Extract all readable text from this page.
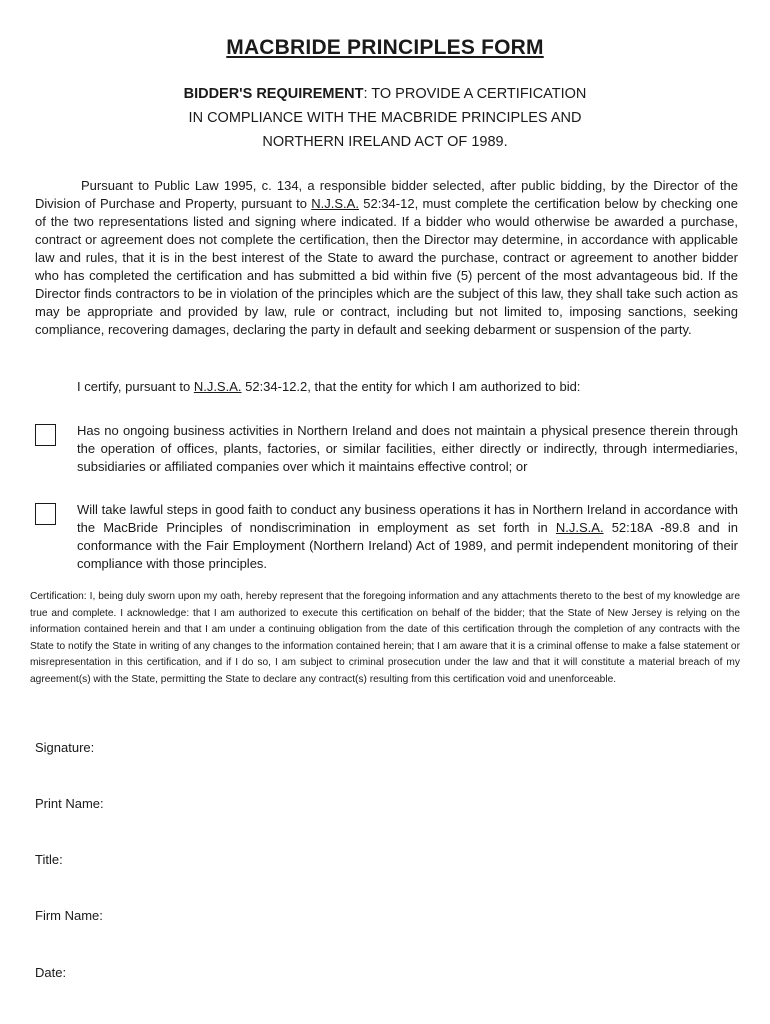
MACBRIDE PRINCIPLES FORM
BIDDER'S REQUIREMENT: TO PROVIDE A CERTIFICATION
IN COMPLIANCE WITH THE MACBRIDE PRINCIPLES AND
NORTHERN IRELAND ACT OF 1989.
Pursuant to Public Law 1995, c. 134, a responsible bidder selected, after public bidding, by the Director of the Division of Purchase and Property, pursuant to N.J.S.A. 52:34-12, must complete the certification below by checking one of the two representations listed and signing where indicated. If a bidder who would otherwise be awarded a purchase, contract or agreement does not complete the certification, then the Director may determine, in accordance with applicable law and rules, that it is in the best interest of the State to award the purchase, contract or agreement to another bidder who has completed the certification and has submitted a bid within five (5) percent of the most advantageous bid. If the Director finds contractors to be in violation of the principles which are the subject of this law, they shall take such action as may be appropriate and provided by law, rule or contract, including but not limited to, imposing sanctions, seeking compliance, recovering damages, declaring the party in default and seeking debarment or suspension of the party.
I certify, pursuant to N.J.S.A. 52:34-12.2, that the entity for which I am authorized to bid:
Has no ongoing business activities in Northern Ireland and does not maintain a physical presence therein through the operation of offices, plants, factories, or similar facilities, either directly or indirectly, through intermediaries, subsidiaries or affiliated companies over which it maintains effective control; or
Will take lawful steps in good faith to conduct any business operations it has in Northern Ireland in accordance with the MacBride Principles of nondiscrimination in employment as set forth in N.J.S.A. 52:18A -89.8 and in conformance with the Fair Employment (Northern Ireland) Act of 1989, and permit independent monitoring of their compliance with those principles.
Certification: I, being duly sworn upon my oath, hereby represent that the foregoing information and any attachments thereto to the best of my knowledge are true and complete. I acknowledge: that I am authorized to execute this certification on behalf of the bidder; that the State of New Jersey is relying on the information contained herein and that I am under a continuing obligation from the date of this certification through the completion of any contracts with the State to notify the State in writing of any changes to the information contained herein; that I am aware that it is a criminal offense to make a false statement or misrepresentation in this certification, and if I do so, I am subject to criminal prosecution under the law and that it will constitute a material breach of my agreement(s) with the State, permitting the State to declare any contract(s) resulting from this certification void and unenforceable.
Signature:
Print Name:
Title:
Firm Name:
Date:
